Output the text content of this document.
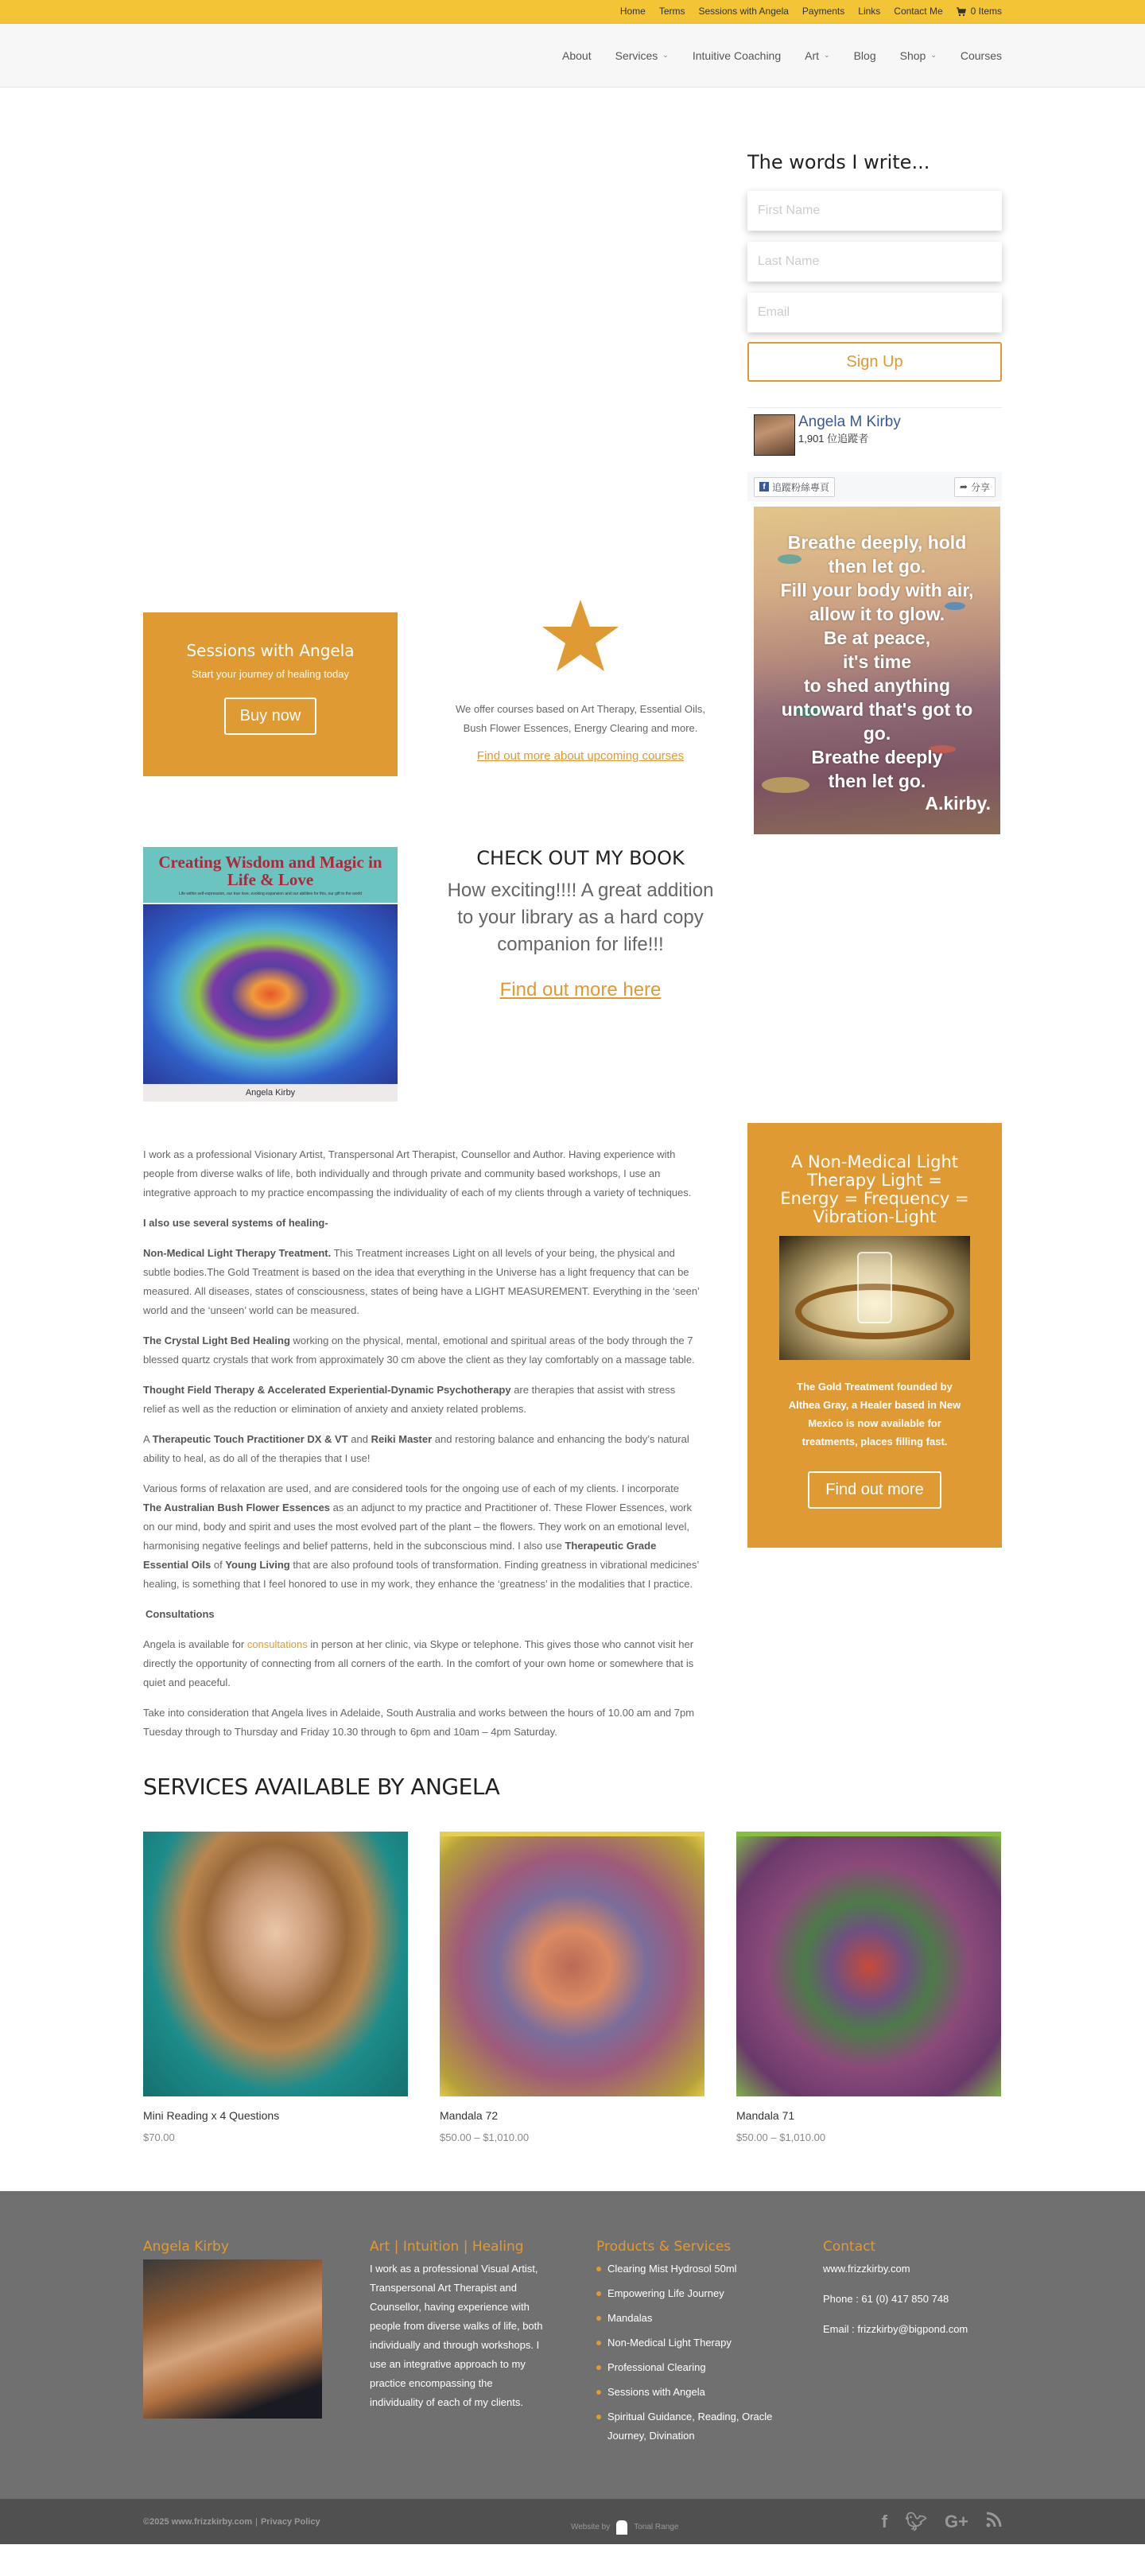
Home Terms Sessions with Angela Payments Links Contact Me	0 Items
About Services ⌄ Intuitive Coaching Art ⌄ Blog Shop ⌄ Courses
The words I write...
First Name
Last Name
Email
Sign Up
Angela M Kirby
1,901 位追蹤者
f 追蹤粉絲專頁	➦ 分享
Breathe deeply, hold
then let go.
Fill your body with air,
allow it to glow.
Be at peace,
it's time
to shed anything
untoward that's got to
go.
Breathe deeply
then let go.
A.kirby.
Sessions with Angela

Start your journey of healing today

Buy now	We offer courses based on Art Therapy, Essential Oils, Bush Flower Essences, Energy Clearing and more.

Find out more about upcoming courses
Creating Wisdom and Magic in Life & Love
Life within self-expression, our true love, evoking expansion and our abilities for this, our gift to the world
Angela Kirby
CHECK OUT MY BOOK

How exciting!!!! A great addition to your library as a hard copy companion for life!!!

Find out more here

I work as a professional Visionary Artist, Transpersonal Art Therapist, Counsellor and Author. Having experience with people from diverse walks of life, both individually and through private and community based workshops, I use an integrative approach to my practice encompassing the individuality of each of my clients through a variety of techniques.

I also use several systems of healing-

Non-Medical Light Therapy Treatment. This Treatment increases Light on all levels of your being, the physical and subtle bodies.The Gold Treatment is based on the idea that everything in the Universe has a light frequency that can be measured. All diseases, states of consciousness, states of being have a LIGHT MEASUREMENT. Everything in the ‘seen’ world and the ‘unseen’ world can be measured.

The Crystal Light Bed Healing working on the physical, mental, emotional and spiritual areas of the body through the 7 blessed quartz crystals that work from approximately 30 cm above the client as they lay comfortably on a massage table.

Thought Field Therapy & Accelerated Experiential-Dynamic Psychotherapy are therapies that assist with stress relief as well as the reduction or elimination of anxiety and anxiety related problems.

A Therapeutic Touch Practitioner DX & VT and Reiki Master and restoring balance and enhancing the body’s natural ability to heal, as do all of the therapies that I use!

Various forms of relaxation are used, and are considered tools for the ongoing use of each of my clients. I incorporate The Australian Bush Flower Essences as an adjunct to my practice and Practitioner of. These Flower Essences, work on our mind, body and spirit and uses the most evolved part of the plant – the flowers. They work on an emotional level, harmonising negative feelings and belief patterns, held in the subconscious mind. I also use Therapeutic Grade Essential Oils of Young Living that are also profound tools of transformation. Finding greatness in vibrational medicines’ healing, is something that I feel honored to use in my work, they enhance the ‘greatness’ in the modalities that I practice.

Consultations

Angela is available for consultations in person at her clinic, via Skype or telephone. This gives those who cannot visit her directly the opportunity of connecting from all corners of the earth. In the comfort of your own home or somewhere that is quiet and peaceful.

Take into consideration that Angela lives in Adelaide, South Australia and works between the hours of 10.00 am and 7pm Tuesday through to Thursday and Friday 10.30 through to 6pm and 10am – 4pm Saturday.

A Non-Medical Light Therapy Light = Energy = Frequency = Vibration-Light

The Gold Treatment founded by Althea Gray, a Healer based in New Mexico is now available for treatments, places filling fast.

Find out more
SERVICES AVAILABLE BY ANGELA
Mini Reading x 4 Questions
$70.00
Mandala 72
$50.00 – $1,010.00
Mandala 71
$50.00 – $1,010.00
Angela Kirby	Art | Intuition | Healing

I work as a professional Visual Artist, Transpersonal Art Therapist and Counsellor, having experience with people from diverse walks of life, both individually and through workshops. I use an integrative approach to my practice encompassing the individuality of each of my clients.

Products & Services
Clearing Mist Hydrosol 50ml
Empowering Life Journey
Mandalas
Non-Medical Light Therapy
Professional Clearing
Sessions with Angela
Spiritual Guidance, Reading, Oracle Journey, Divination
Contact

www.frizzkirby.com

Phone : 61 (0) 417 850 748

Email : frizzkirby@bigpond.com

©2025 www.frizzkirby.com | Privacy Policy
Website by	Tonal Range	f 🐦︎ G+
